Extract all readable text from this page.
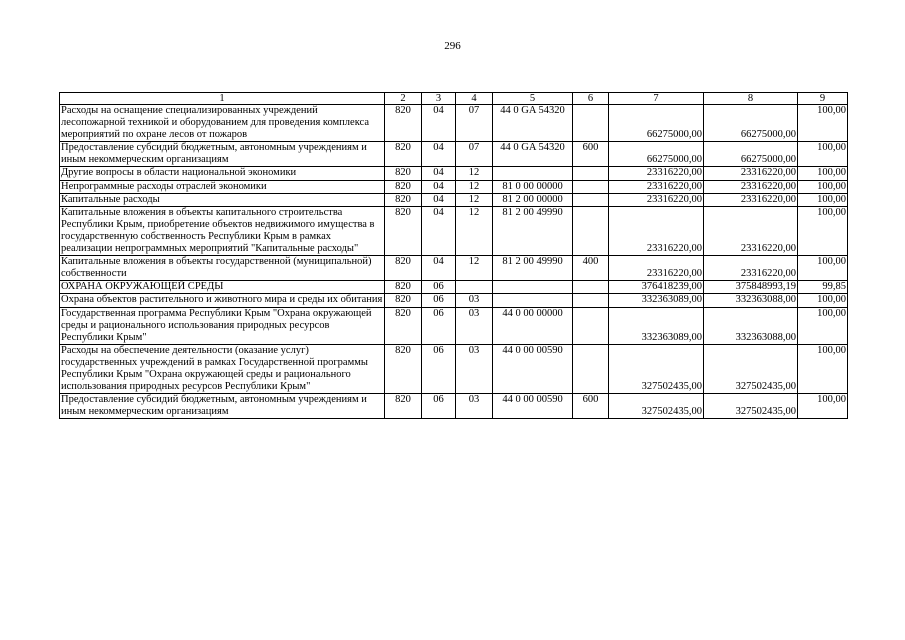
296
1	2	3	4	5	6	7	8	9
Расходы на оснащение специализированных учреждений лесопожарной техникой и оборудованием для проведения комплекса мероприятий по охране лесов от пожаров	820	04	07	44 0 GA 54320		66275000,00	66275000,00	100,00
Предоставление субсидий бюджетным, автономным учреждениям и иным некоммерческим организациям	820	04	07	44 0 GA 54320	600	66275000,00	66275000,00	100,00
Другие вопросы в области национальной экономики	820	04	12			23316220,00	23316220,00	100,00
Непрограммные расходы отраслей экономики	820	04	12	81 0 00 00000		23316220,00	23316220,00	100,00
Капитальные расходы	820	04	12	81 2 00 00000		23316220,00	23316220,00	100,00
Капитальные вложения в объекты капитального строительства Республики Крым, приобретение объектов недвижимого имущества в государственную собственность Республики Крым в рамках реализации непрограммных мероприятий "Капитальные расходы"	820	04	12	81 2 00 49990		23316220,00	23316220,00	100,00
Капитальные вложения в объекты государственной (муниципальной) собственности	820	04	12	81 2 00 49990	400	23316220,00	23316220,00	100,00
ОХРАНА ОКРУЖАЮЩЕЙ СРЕДЫ	820	06				376418239,00	375848993,19	99,85
Охрана объектов растительного и животного мира и среды их обитания	820	06	03			332363089,00	332363088,00	100,00
Государственная программа Республики Крым "Охрана окружающей среды и рационального использования природных ресурсов Республики Крым"	820	06	03	44 0 00 00000		332363089,00	332363088,00	100,00
Расходы на обеспечение деятельности (оказание услуг) государственных учреждений в рамках Государственной программы Республики Крым "Охрана окружающей среды и рационального использования природных ресурсов Республики Крым"	820	06	03	44 0 00 00590		327502435,00	327502435,00	100,00
Предоставление субсидий бюджетным, автономным учреждениям и иным некоммерческим организациям	820	06	03	44 0 00 00590	600	327502435,00	327502435,00	100,00
